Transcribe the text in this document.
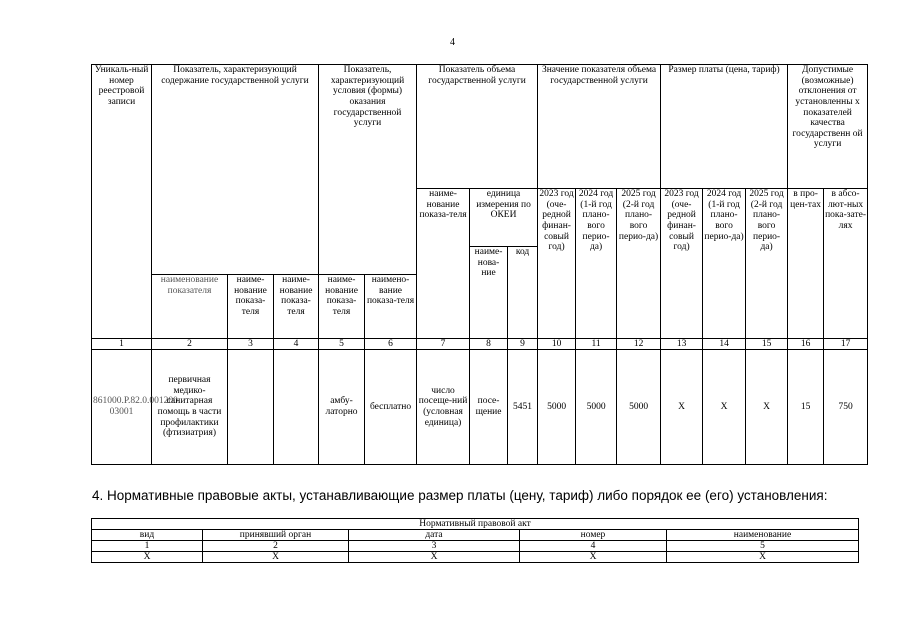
4
Уникаль-ный номер реестровой записи	Показатель, характеризующий содержание государственной услуги			Показатель, характеризующий условия (формы) оказания государственной услуги		Показатель объема государственной услуги			Значение показателя объема государственной услуги			Размер платы (цена, тариф)			Допустимые (возможные) отклонения от установленны х показателей качества государственн ой услуги	
						наиме-нование показа-теля	единица измерения по ОКЕИ		2023 год (оче-редной финан-совый год)	2024 год (1-й год плано-вого перио-да)	2025 год (2-й год плано-вого перио-да)	2023 год (оче-редной финан-совый год)	2024 год (1-й год плано-вого перио-да)	2025 год (2-й год плано-вого перио-да)	в про-цен-тах	в абсо-лют-ных пока-зате-лях
							наиме-нова-ние	код								
	наименование показателя	наиме-нование показа-теля	наиме-нование показа-теля	наиме-нование показа-теля	наимено-вание показа-теля											
1	2	3	4	5	6	7	8	9	10	11	12	13	14	15	16	17
861000.Р.82.0.001200 03001	первичная медико-санитарная помощь в части профилактики (фтизиатрия)			амбу-латорно	бесплатно	число посеще-ний (условная единица)	посе-щение	5451	5000	5000	5000	Х	Х	Х	15	750
4. Нормативные правовые акты, устанавливающие размер платы (цену, тариф) либо порядок ее (его) установления:
Нормативный правовой акт				
вид	принявший орган	дата	номер	наименование
1	2	3	4	5
Х	Х	Х	Х	Х
